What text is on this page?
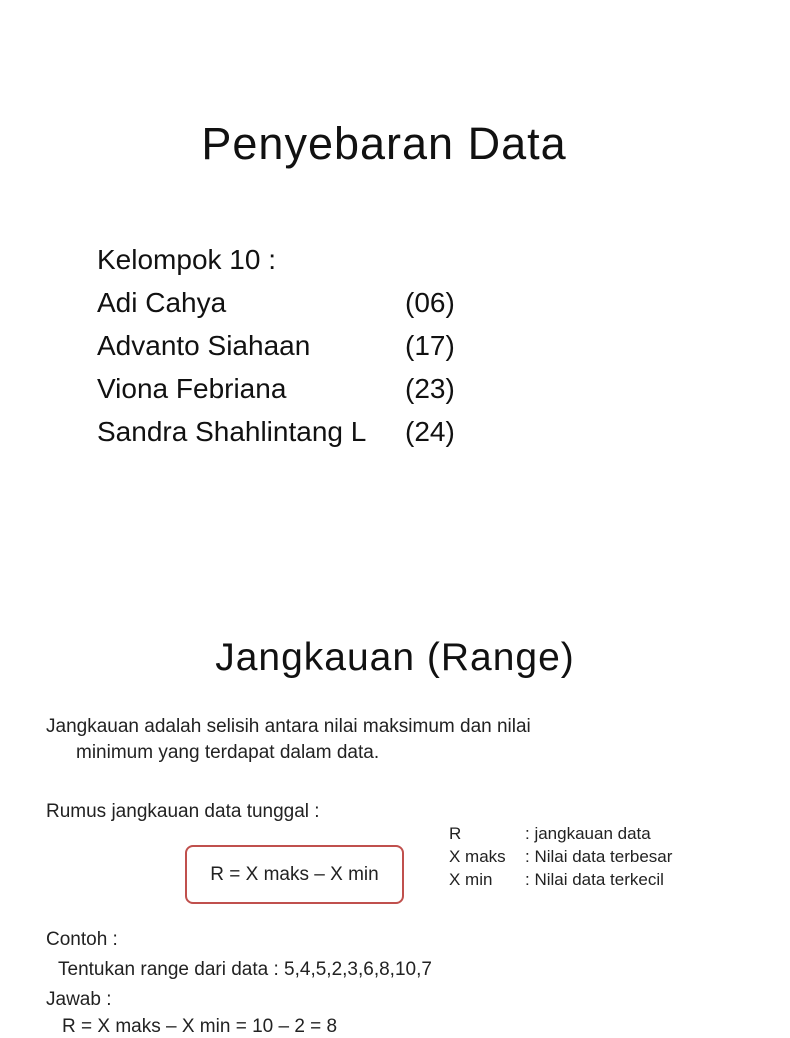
Penyebaran Data
Kelompok 10 :
Adi Cahya	(06)
Advanto Siahaan	(17)
Viona Febriana	(23)
Sandra Shahlintang L	(24)
Jangkauan (Range)
Jangkauan adalah selisih antara nilai maksimum dan nilai
minimum yang terdapat dalam data.
Rumus jangkauan data tunggal :
R = X maks – X min
R	: jangkauan data
X maks	: Nilai data terbesar
X min	: Nilai data terkecil
Contoh :
Tentukan range dari data : 5,4,5,2,3,6,8,10,7
Jawab :
R = X maks – X min = 10 – 2 = 8
